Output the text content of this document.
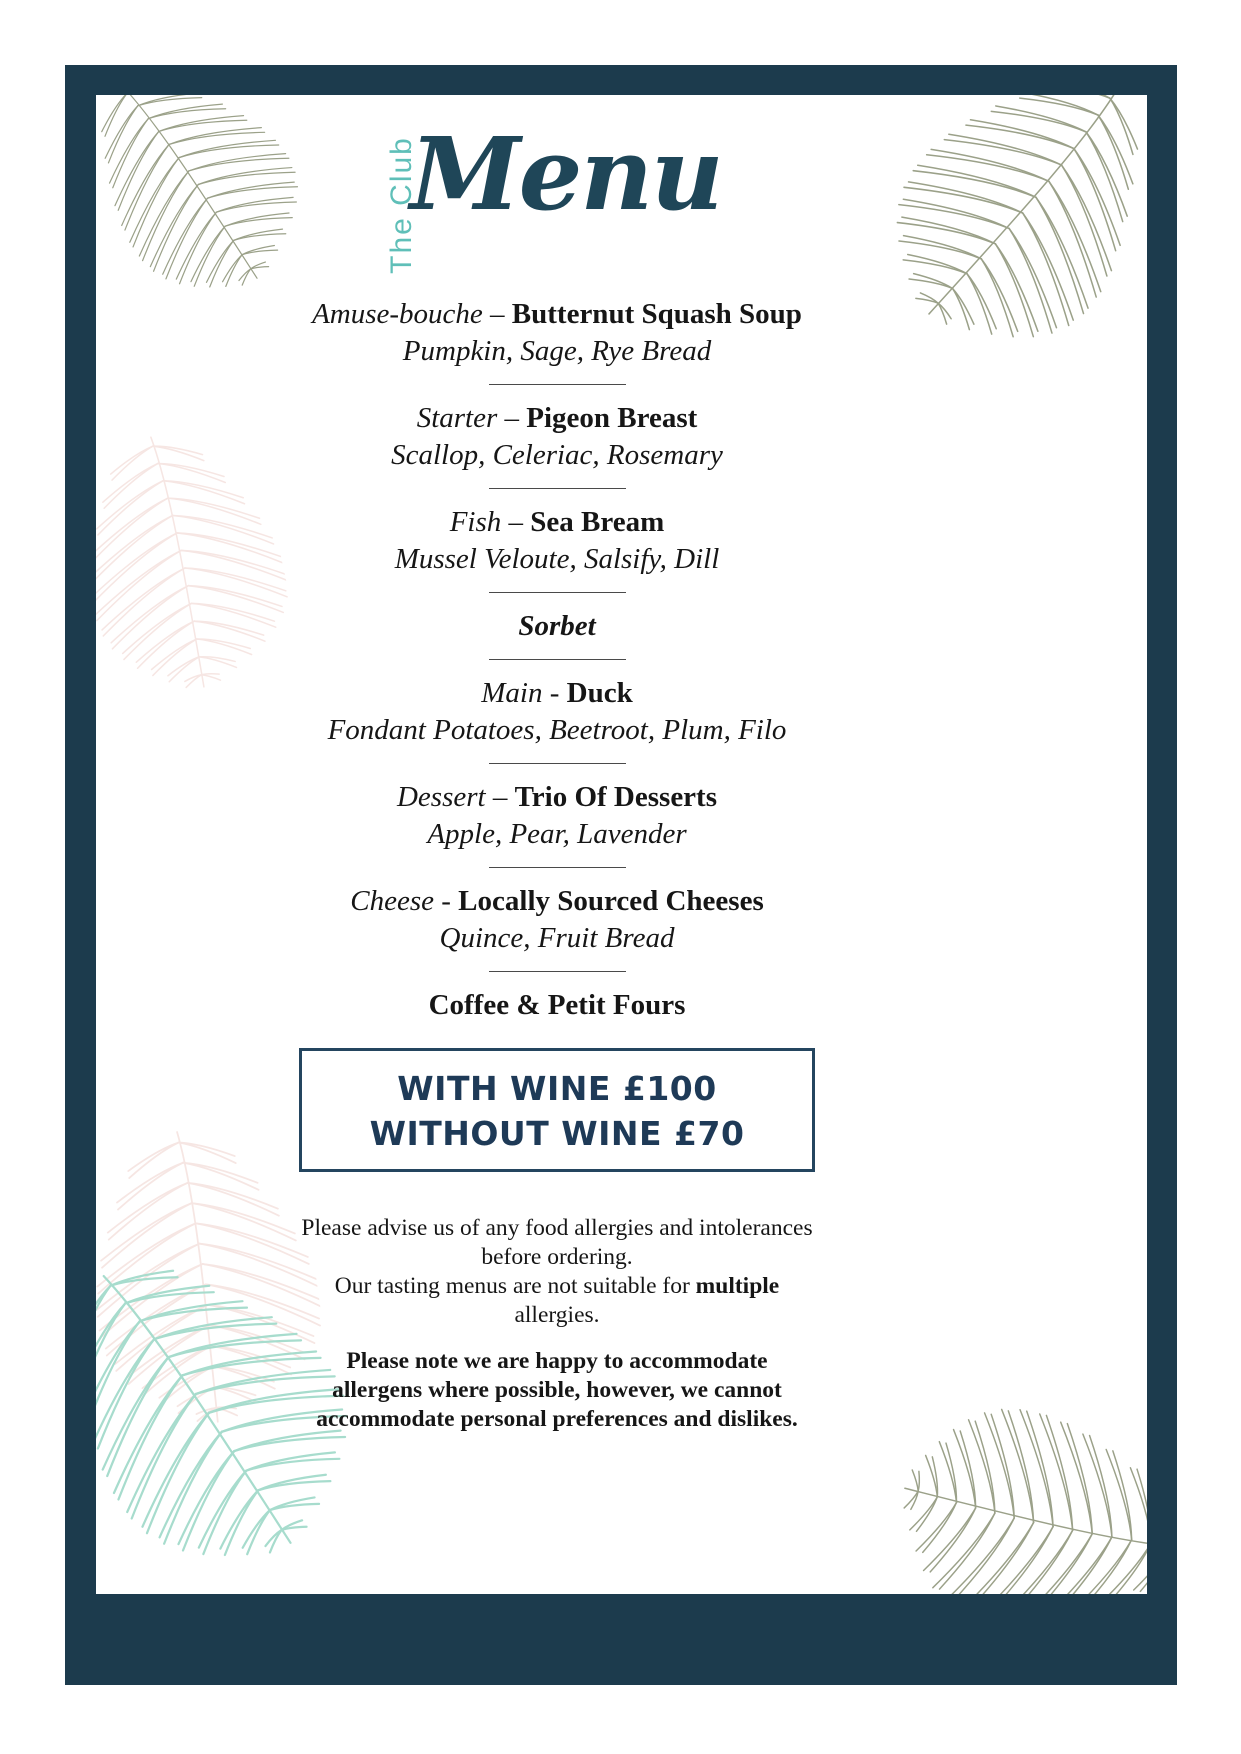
The Club
Menu
Amuse-bouche – Butternut Squash Soup
Pumpkin, Sage, Rye Bread
Starter – Pigeon Breast
Scallop, Celeriac, Rosemary
Fish – Sea Bream
Mussel Veloute, Salsify, Dill
Sorbet
Main - Duck
Fondant Potatoes, Beetroot, Plum, Filo
Dessert – Trio Of Desserts
Apple, Pear, Lavender
Cheese - Locally Sourced Cheeses
Quince, Fruit Bread
Coffee & Petit Fours
WITH WINE £100
WITHOUT WINE £70
Please advise us of any food allergies and intolerances
before ordering.
Our tasting menus are not suitable for multiple
allergies.
Please note we are happy to accommodate
allergens where possible, however, we cannot
accommodate personal preferences and dislikes.
